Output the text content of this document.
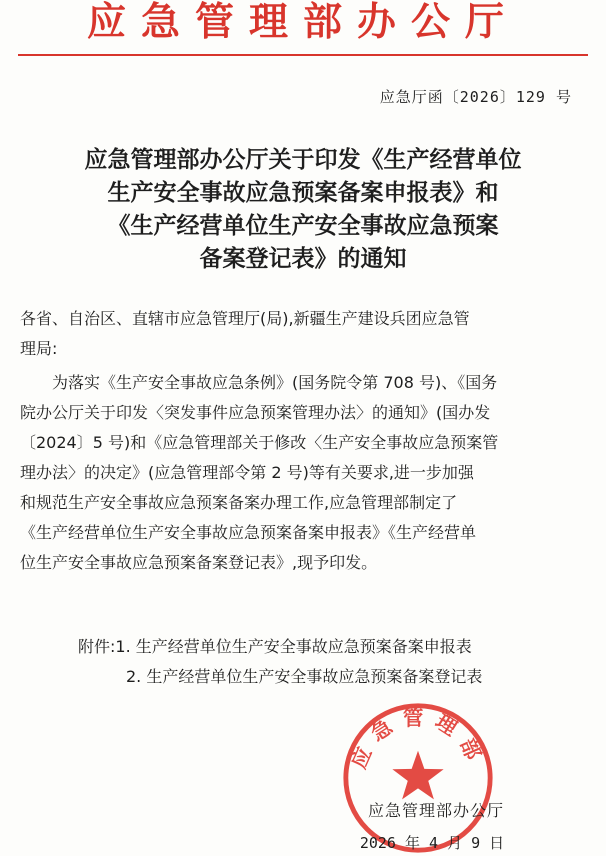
应急管理部办公厅
应急厅函〔2026〕129 号
应急管理部办公厅关于印发《生产经营单位
生产安全事故应急预案备案申报表》和
《生产经营单位生产安全事故应急预案
备案登记表》的通知
各省、自治区、直辖市应急管理厅(局),新疆生产建设兵团应急管
理局:
　　为落实《生产安全事故应急条例》(国务院令第 708 号)、《国务
院办公厅关于印发〈突发事件应急预案管理办法〉的通知》(国办发
〔2024〕5 号)和《应急管理部关于修改〈生产安全事故应急预案管
理办法〉的决定》(应急管理部令第 2 号)等有关要求,进一步加强
和规范生产安全事故应急预案备案办理工作,应急管理部制定了
《生产经营单位生产安全事故应急预案备案申报表》《生产经营单
位生产安全事故应急预案备案登记表》,现予印发。
附件:1. 生产经营单位生产安全事故应急预案备案申报表
2. 生产经营单位生产安全事故应急预案备案登记表
应急管理部
应急管理部办公厅
2026 年 4 月 9 日
